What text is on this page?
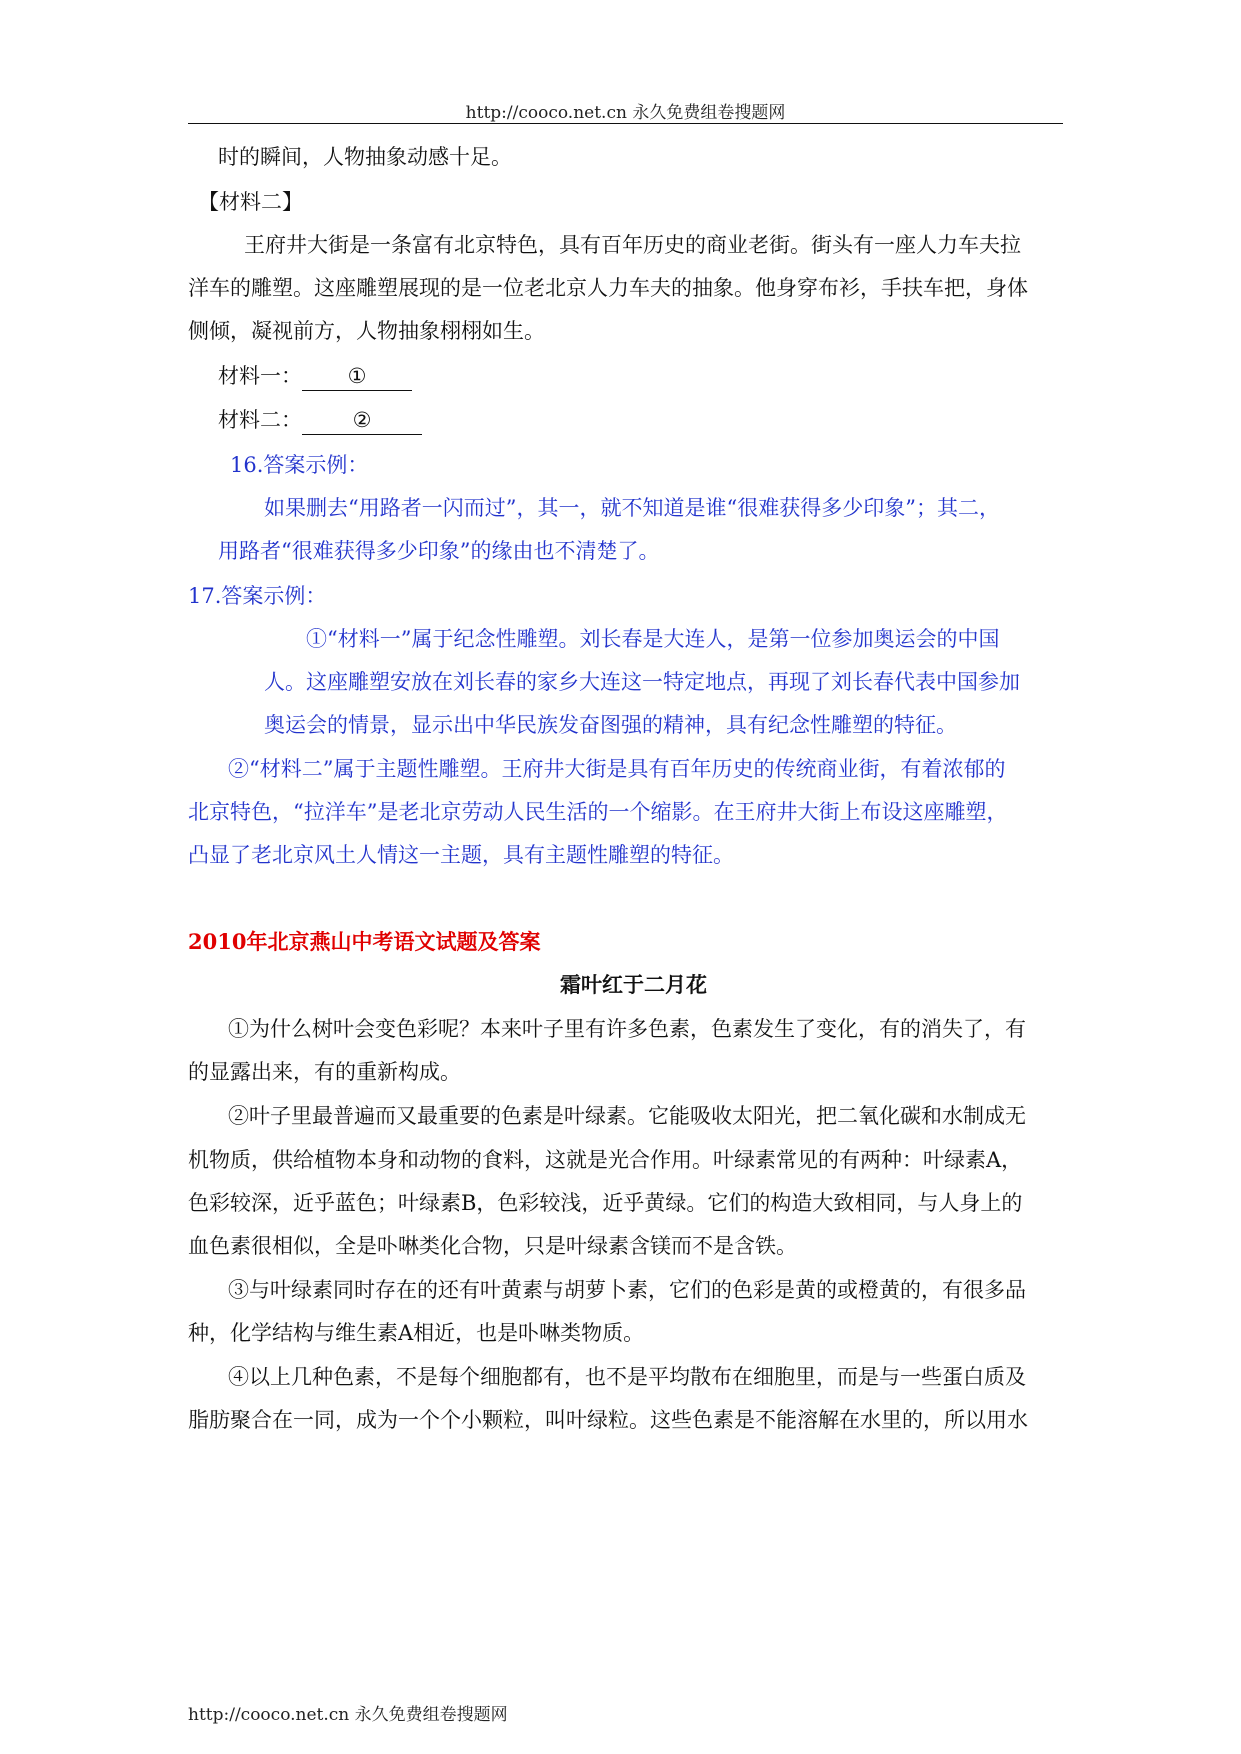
http://cooco.net.cn 永久免费组卷搜题网
时的瞬间，人物抽象动感十足。
【材料二】
王府井大街是一条富有北京特色，具有百年历史的商业老街。街头有一座人力车夫拉
洋车的雕塑。这座雕塑展现的是一位老北京人力车夫的抽象。他身穿布衫，手扶车把，身体
侧倾，凝视前方，人物抽象栩栩如生。
材料一： ①
材料二： ②
16.答案示例：
如果删去“用路者一闪而过”，其一，就不知道是谁“很难获得多少印象”；其二，
用路者“很难获得多少印象”的缘由也不清楚了。
17.答案示例：
①“材料一”属于纪念性雕塑。刘长春是大连人，是第一位参加奥运会的中国
人。这座雕塑安放在刘长春的家乡大连这一特定地点，再现了刘长春代表中国参加
奥运会的情景，显示出中华民族发奋图强的精神，具有纪念性雕塑的特征。
②“材料二”属于主题性雕塑。王府井大街是具有百年历史的传统商业街，有着浓郁的
北京特色，“拉洋车”是老北京劳动人民生活的一个缩影。在王府井大街上布设这座雕塑，
凸显了老北京风土人情这一主题，具有主题性雕塑的特征。
2010年北京燕山中考语文试题及答案
霜叶红于二月花
①为什么树叶会变色彩呢？本来叶子里有许多色素，色素发生了变化，有的消失了，有
的显露出来，有的重新构成。
②叶子里最普遍而又最重要的色素是叶绿素。它能吸收太阳光，把二氧化碳和水制成无
机物质，供给植物本身和动物的食料，这就是光合作用。叶绿素常见的有两种：叶绿素A，
色彩较深，近乎蓝色；叶绿素B，色彩较浅，近乎黄绿。它们的构造大致相同，与人身上的
血色素很相似，全是卟啉类化合物，只是叶绿素含镁而不是含铁。
③与叶绿素同时存在的还有叶黄素与胡萝卜素，它们的色彩是黄的或橙黄的，有很多品
种，化学结构与维生素A相近，也是卟啉类物质。
④以上几种色素，不是每个细胞都有，也不是平均散布在细胞里，而是与一些蛋白质及
脂肪聚合在一同，成为一个个小颗粒，叫叶绿粒。这些色素是不能溶解在水里的，所以用水
http://cooco.net.cn 永久免费组卷搜题网
